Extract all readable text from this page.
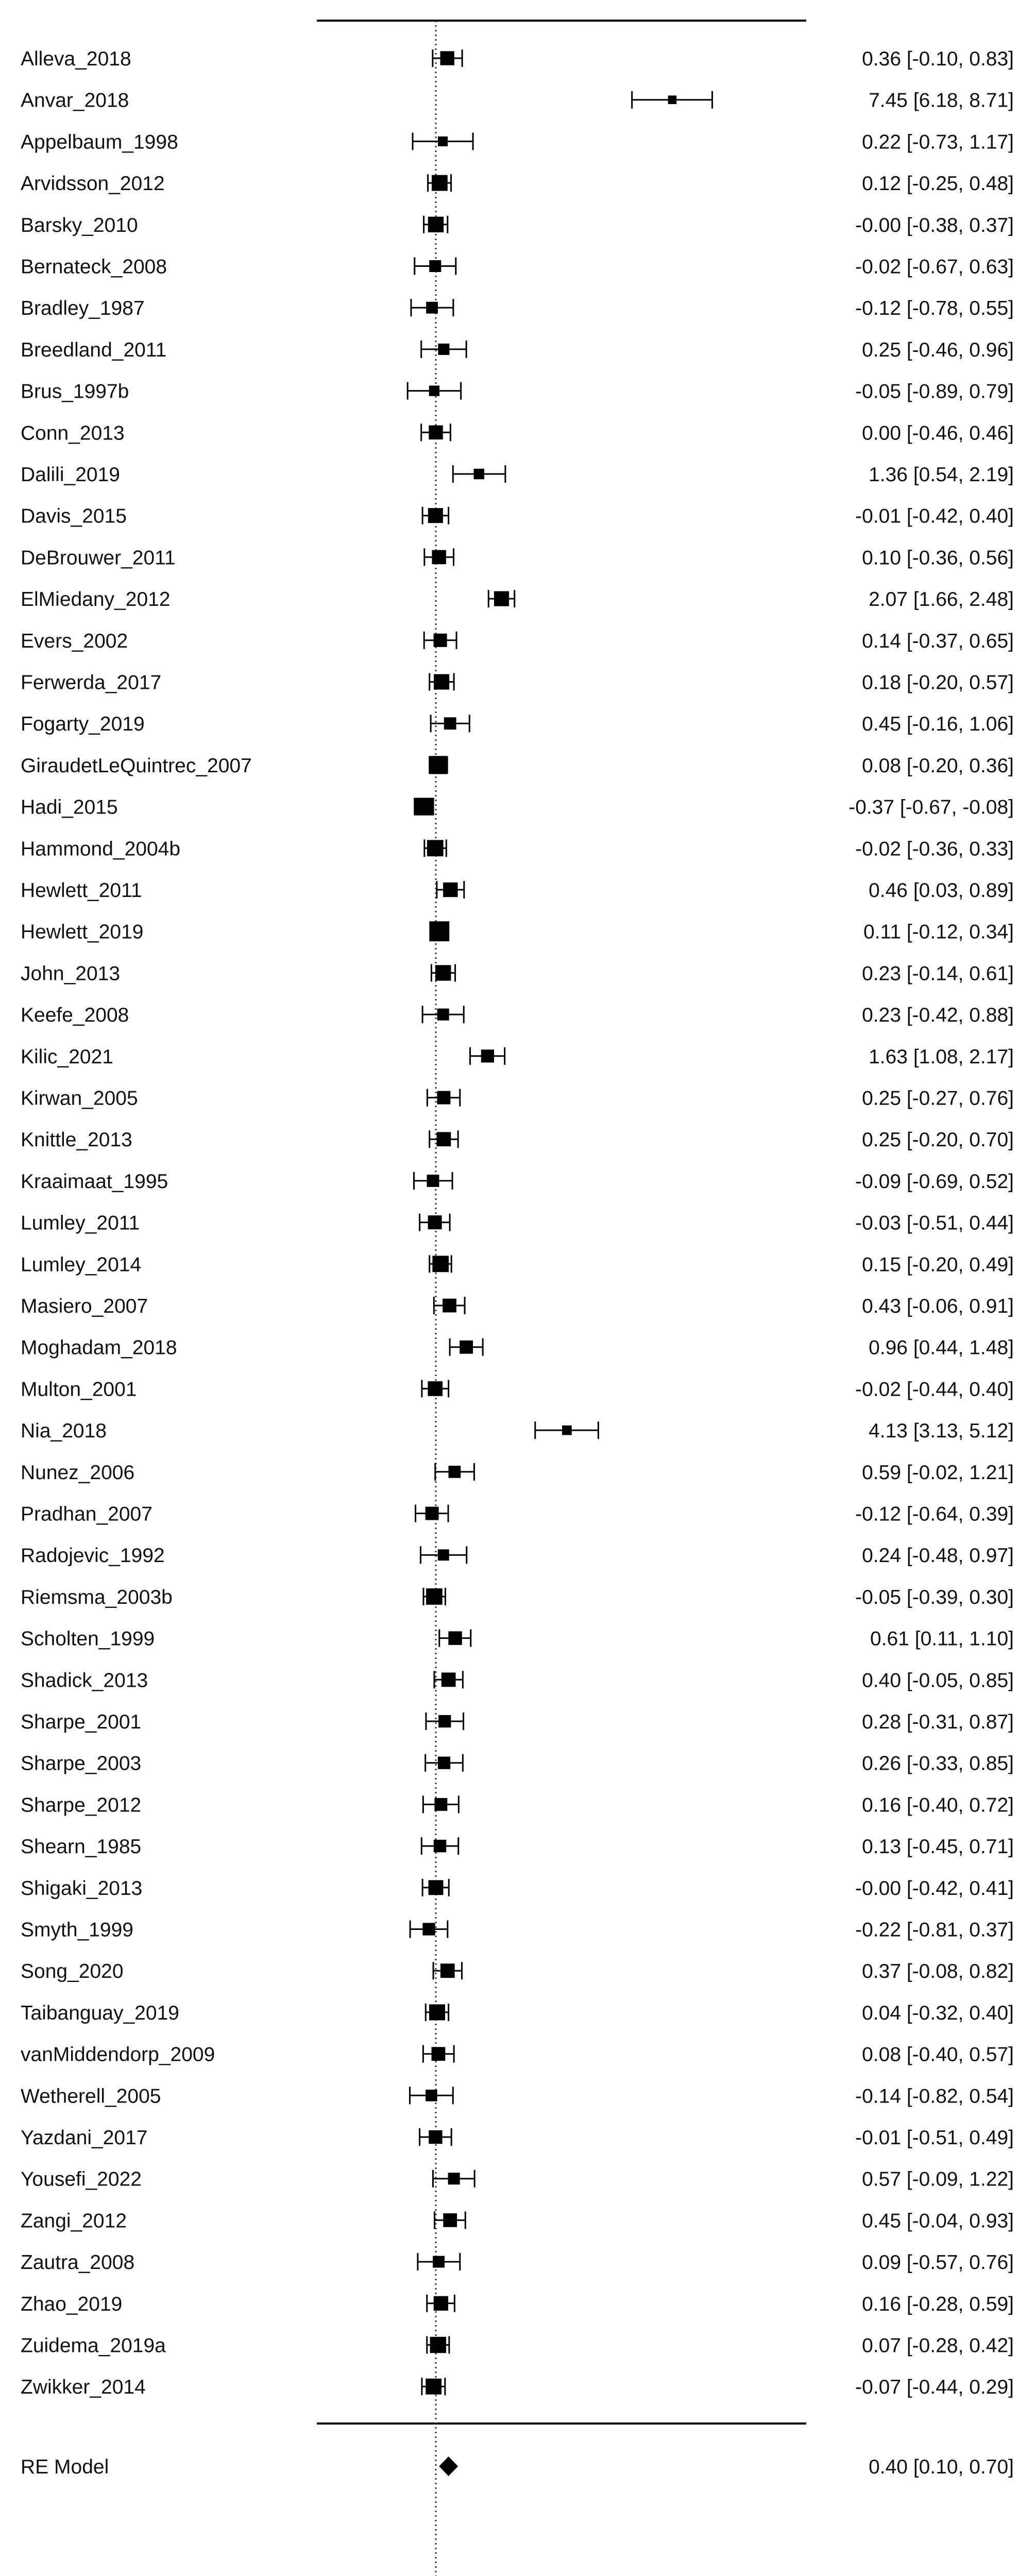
Alleva_2018	0.36 [-0.10, 0.83]
Anvar_2018	7.45 [6.18, 8.71]
Appelbaum_1998	0.22 [-0.73, 1.17]
Arvidsson_2012	0.12 [-0.25, 0.48]
Barsky_2010	-0.00 [-0.38, 0.37]
Bernateck_2008	-0.02 [-0.67, 0.63]
Bradley_1987	-0.12 [-0.78, 0.55]
Breedland_2011	0.25 [-0.46, 0.96]
Brus_1997b	-0.05 [-0.89, 0.79]
Conn_2013	0.00 [-0.46, 0.46]
Dalili_2019	1.36 [0.54, 2.19]
Davis_2015	-0.01 [-0.42, 0.40]
DeBrouwer_2011	0.10 [-0.36, 0.56]
ElMiedany_2012	2.07 [1.66, 2.48]
Evers_2002	0.14 [-0.37, 0.65]
Ferwerda_2017	0.18 [-0.20, 0.57]
Fogarty_2019	0.45 [-0.16, 1.06]
GiraudetLeQuintrec_2007	0.08 [-0.20, 0.36]
Hadi_2015	-0.37 [-0.67, -0.08]
Hammond_2004b	-0.02 [-0.36, 0.33]
Hewlett_2011	0.46 [0.03, 0.89]
Hewlett_2019	0.11 [-0.12, 0.34]
John_2013	0.23 [-0.14, 0.61]
Keefe_2008	0.23 [-0.42, 0.88]
Kilic_2021	1.63 [1.08, 2.17]
Kirwan_2005	0.25 [-0.27, 0.76]
Knittle_2013	0.25 [-0.20, 0.70]
Kraaimaat_1995	-0.09 [-0.69, 0.52]
Lumley_2011	-0.03 [-0.51, 0.44]
Lumley_2014	0.15 [-0.20, 0.49]
Masiero_2007	0.43 [-0.06, 0.91]
Moghadam_2018	0.96 [0.44, 1.48]
Multon_2001	-0.02 [-0.44, 0.40]
Nia_2018	4.13 [3.13, 5.12]
Nunez_2006	0.59 [-0.02, 1.21]
Pradhan_2007	-0.12 [-0.64, 0.39]
Radojevic_1992	0.24 [-0.48, 0.97]
Riemsma_2003b	-0.05 [-0.39, 0.30]
Scholten_1999	0.61 [0.11, 1.10]
Shadick_2013	0.40 [-0.05, 0.85]
Sharpe_2001	0.28 [-0.31, 0.87]
Sharpe_2003	0.26 [-0.33, 0.85]
Sharpe_2012	0.16 [-0.40, 0.72]
Shearn_1985	0.13 [-0.45, 0.71]
Shigaki_2013	-0.00 [-0.42, 0.41]
Smyth_1999	-0.22 [-0.81, 0.37]
Song_2020	0.37 [-0.08, 0.82]
Taibanguay_2019	0.04 [-0.32, 0.40]
vanMiddendorp_2009	0.08 [-0.40, 0.57]
Wetherell_2005	-0.14 [-0.82, 0.54]
Yazdani_2017	-0.01 [-0.51, 0.49]
Yousefi_2022	0.57 [-0.09, 1.22]
Zangi_2012	0.45 [-0.04, 0.93]
Zautra_2008	0.09 [-0.57, 0.76]
Zhao_2019	0.16 [-0.28, 0.59]
Zuidema_2019a	0.07 [-0.28, 0.42]
Zwikker_2014	-0.07 [-0.44, 0.29]
RE Model	0.40 [0.10, 0.70]
